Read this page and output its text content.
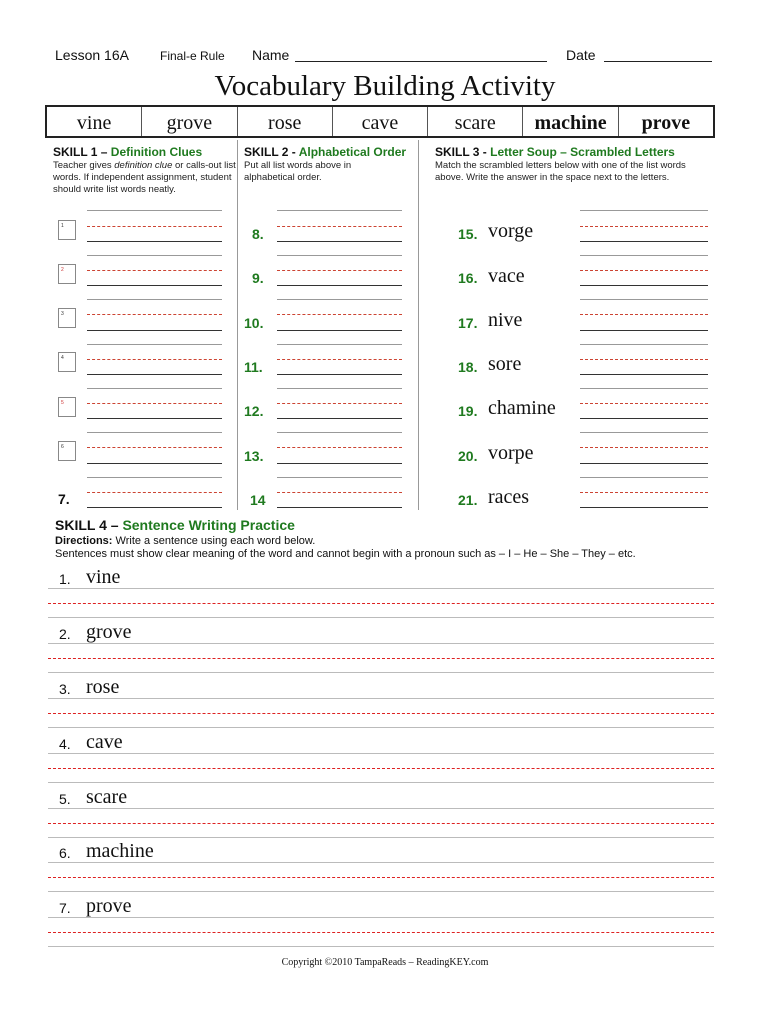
Lesson 16A	Final-e Rule Name	Date
Vocabulary Building Activity
vine	grove	rose	cave	scare	machine	prove
SKILL 1 – Definition Clues
Teacher gives definition clue or calls-out list words. If independent assignment, student should write list words neatly.
1
2
3
4
5
6
7.
SKILL 2 - Alphabetical Order
Put all list words above in alphabetical order.
8.
9.
10.
11.
12.
13.
14
SKILL 3 - Letter Soup – Scrambled Letters
Match the scrambled letters below with one of the list words above. Write the answer in the space next to the letters.
15. vorge
16. vace
17. nive
18. sore
19. chamine
20. vorpe
21. races
SKILL 4 – Sentence Writing Practice
Directions: Write a sentence using each word below.
Sentences must show clear meaning of the word and cannot begin with a pronoun such as – I – He – She – They – etc.
1. vine
2. grove
3. rose
4. cave
5. scare
6. machine
7. prove
Copyright ©2010 TampaReads – ReadingKEY.com
